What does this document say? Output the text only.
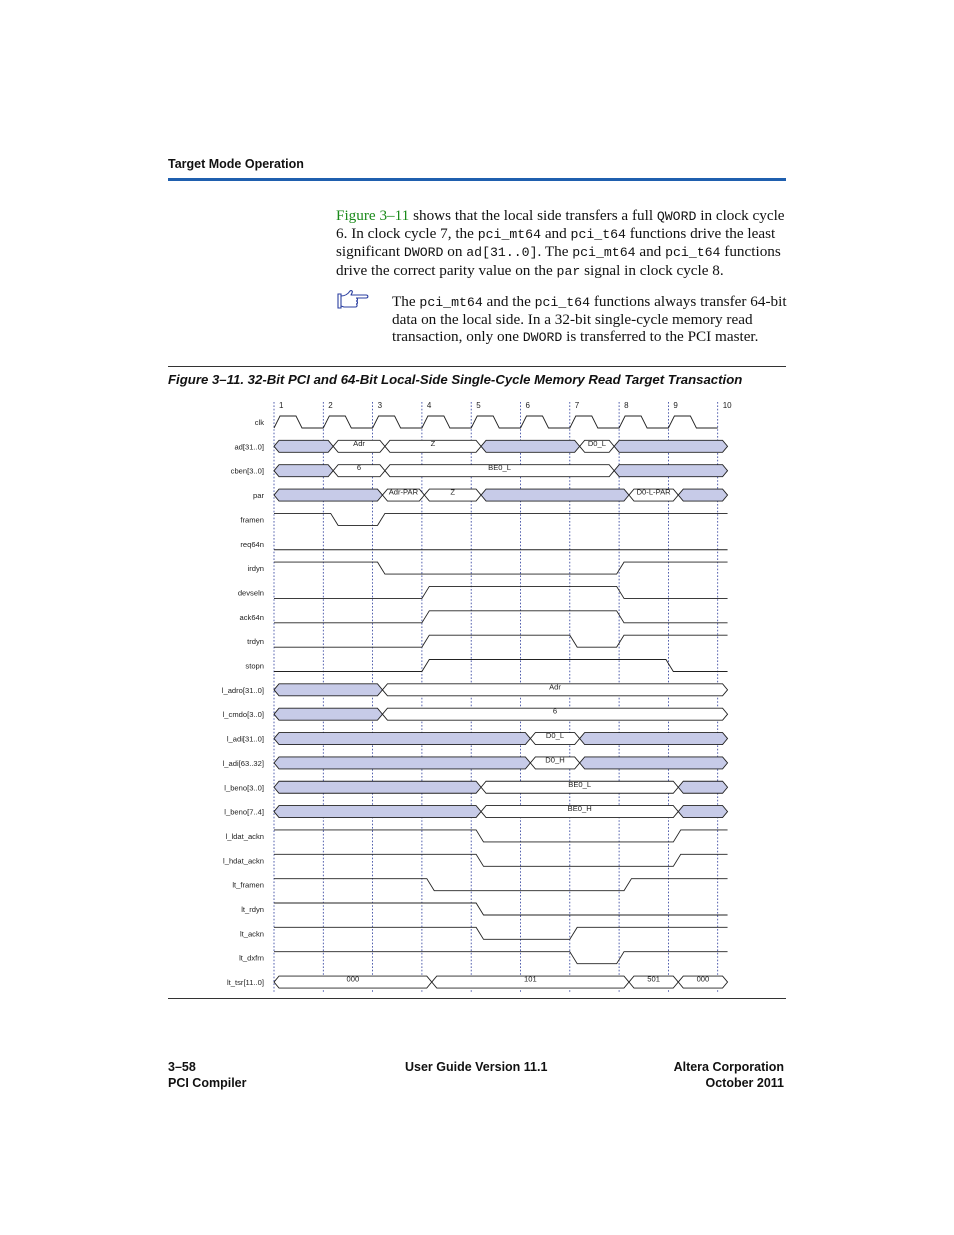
Target Mode Operation
Figure 3–11 shows that the local side transfers a full QWORD in clock cycle 6. In clock cycle 7, the pci_mt64 and pci_t64 functions drive the least significant DWORD on ad[31..0]. The pci_mt64 and pci_t64 functions drive the correct parity value on the par signal in clock cycle 8.
The pci_mt64 and the pci_t64 functions always transfer 64-bit data on the local side. In a 32-bit single-cycle memory read transaction, only one DWORD is transferred to the PCI master.
Figure 3–11. 32-Bit PCI and 64-Bit Local-Side Single-Cycle Memory Read Target Transaction
1	2	3	4	5	6	7	8	9	10
clk
ad[31..0]	Adr	Z	D0_L
cben[3..0]	6	BE0_L
par	Adr-PAR	Z	D0-L-PAR
framen
req64n
irdyn
devseln
ack64n
trdyn
stopn
l_adro[31..0]	Adr
l_cmdo[3..0]	6
l_adi[31..0]	D0_L
l_adi[63..32]	D0_H
l_beno[3..0]	BE0_L
l_beno[7..4]	BE0_H
l_ldat_ackn
l_hdat_ackn
lt_framen
lt_rdyn
lt_ackn
lt_dxfrn
lt_tsr[11..0]	000	101	501	000
3–58
PCI Compiler
User Guide Version 11.1	Altera Corporation
October 2011
